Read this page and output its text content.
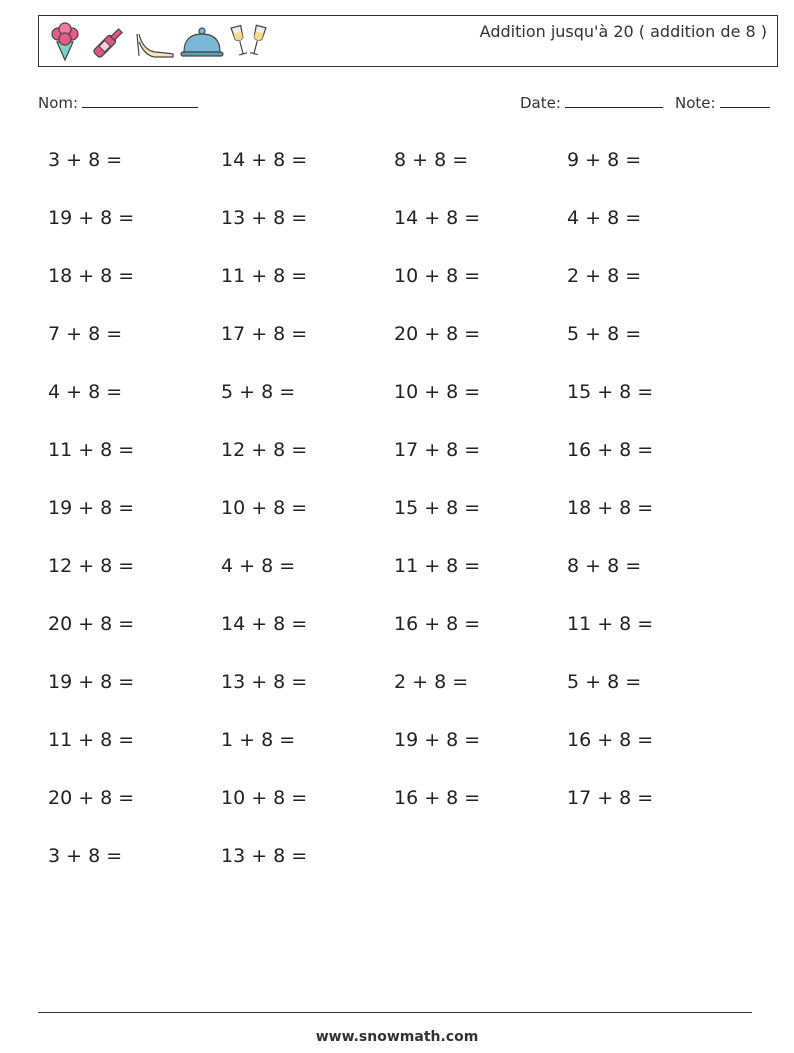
Addition jusqu'à 20 ( addition de 8 )
Nom:	Date:	Note:
3 + 8 =	14 + 8 =	8 + 8 =	9 + 8 =
19 + 8 =	13 + 8 =	14 + 8 =	4 + 8 =
18 + 8 =	11 + 8 =	10 + 8 =	2 + 8 =
7 + 8 =	17 + 8 =	20 + 8 =	5 + 8 =
4 + 8 =	5 + 8 =	10 + 8 =	15 + 8 =
11 + 8 =	12 + 8 =	17 + 8 =	16 + 8 =
19 + 8 =	10 + 8 =	15 + 8 =	18 + 8 =
12 + 8 =	4 + 8 =	11 + 8 =	8 + 8 =
20 + 8 =	14 + 8 =	16 + 8 =	11 + 8 =
19 + 8 =	13 + 8 =	2 + 8 =	5 + 8 =
11 + 8 =	1 + 8 =	19 + 8 =	16 + 8 =
20 + 8 =	10 + 8 =	16 + 8 =	17 + 8 =
3 + 8 =	13 + 8 =
www.snowmath.com
